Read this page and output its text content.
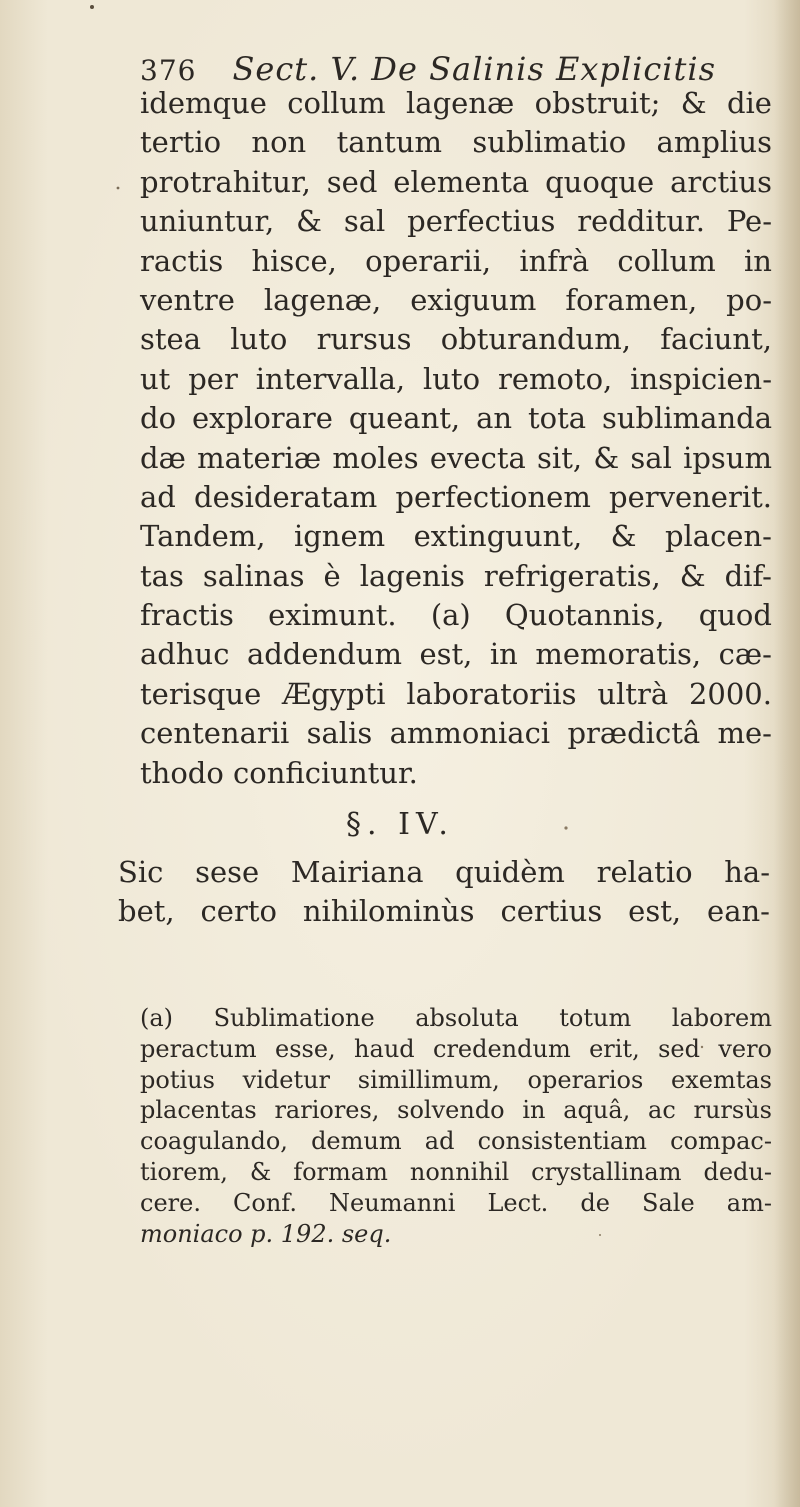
376 Sect. V. De Salinis Explicitis
idemque collum lagenæ obstruit; & die
tertio non tantum sublimatio amplius
protrahitur, sed elementa quoque arctius
uniuntur, & sal perfectius redditur. Pe-
ractis hisce, operarii, infrà collum in
ventre lagenæ, exiguum foramen, po-
stea luto rursus obturandum, faciunt,
ut per intervalla, luto remoto, inspicien-
do explorare queant, an tota sublimanda
dæ materiæ moles evecta sit, & sal ipsum
ad desideratam perfectionem pervenerit.
Tandem, ignem extinguunt, & placen-
tas salinas è lagenis refrigeratis, & dif-
fractis eximunt. (a) Quotannis, quod
adhuc addendum est, in memoratis, cæ-
terisque Ægypti laboratoriis ultrà 2000.
centenarii salis ammoniaci prædictâ me-
thodo conficiuntur.
§. IV.
Sic sese Mairiana quidèm relatio ha-
bet, certo nihilominùs certius est, ean-
(a) Sublimatione absoluta totum laborem
peractum esse, haud credendum erit, sed vero
potius videtur simillimum, operarios exemtas
placentas rariores, solvendo in aquâ, ac rursùs
coagulando, demum ad consistentiam compac-
tiorem, & formam nonnihil crystallinam dedu-
cere. Conf. Neumanni Lect. de Sale am-
moniaco p. 192. seq.
